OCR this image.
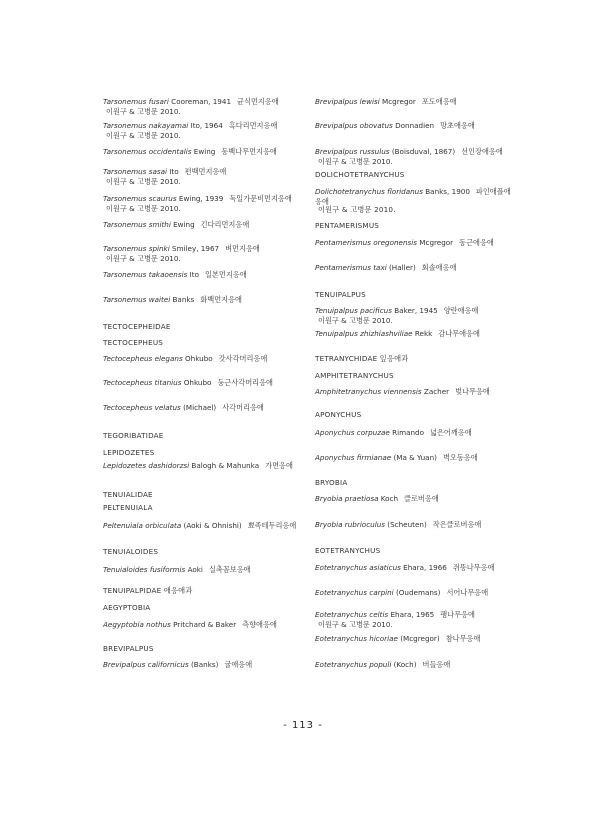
Tarsonemus fusari Cooreman, 1941 균식먼지응애
이원구 & 고병문 2010.
Tarsonemus nakayamai Ito, 1964 흑다리먼지응애
이원구 & 고병문 2010.
Tarsonemus occidentalis Ewing 동백나무먼지응애
Tarsonemus sasai Ito 편백먼지응애
이원구 & 고병문 2010.
Tarsonemus scaurus Ewing, 1939 독일가문비먼지응애
이원구 & 고병문 2010.
Tarsonemus smithi Ewing 긴다리먼지응애
Tarsonemus spinki Smiley, 1967 벼먼지응애
이원구 & 고병문 2010.
Tarsonemus takaoensis Ito 일본먼지응애
Tarsonemus waitei Banks 화백먼지응애
TECTOCEPHEIDAE
TECTOCEPHEUS
Tectocepheus elegans Ohkubo 갓사각머리응애
Tectocepheus titanius Ohkubo 둥근사각머리응애
Tectocepheus velatus (Michael) 사각머리응애
TEGORIBATIDAE
LEPIDOZETES
Lepidozetes dashidorzsi Balogh & Mahunka 가면응애
TENUIALIDAE
PELTENUIALA
Peltenuiala orbiculata (Aoki & Ohnishi) 뾰족테두리응애
TENUIALOIDES
Tenuialoides fusiformis Aoki 실촉꼼보응애
TENUIPALPIDAE 애응애과
AEGYPTOBIA
Aegyptobia nothus Pritchard & Baker 측향애응애
BREVIPALPUS
Brevipalpus californicus (Banks) 귤애응애
Brevipalpus lewisi Mcgregor 포도애응애
Brevipalpus obovatus Donnadien 망초애응애
Brevipalpus russulus (Boisduval, 1867) 선인장애응애
이원구 & 고병문 2010.
DOLICHOTETRANYCHUS
Dolichotetranychus floridanus Banks, 1900 파인애플애
응애
이원구 & 고병문 2010.
PENTAMERISMUS
Pentamerismus oregonensis Mcgregor 동근애응애
Pentamerismus taxi (Haller) 회솔애응애
TENUIPALPUS
Tenuipalpus pacificus Baker, 1945 양란애응애
이원구 & 고병문 2010.
Tenuipalpus zhizhiashviliae Rekk 감나무애응애
TETRANYCHIDAE 잎응애과
AMPHITETRANYCHUS
Amphitetranychus viennensis Zacher 벚나무응애
APONYCHUS
Aponychus corpuzae Rimando 넓은어깨응애
Aponychus firmianae (Ma & Yuan) 벽오동응애
BRYOBIA
Bryobia praetiosa Koch 클로버응애
Bryobia rubrioculus (Scheuten) 작은클로버응애
EOTETRANYCHUS
Eotetranychus asiaticus Ehara, 1966 쥐똥나무응애
Eotetranychus carpini (Oudemans) 서어나무응애
Eotetranychus celtis Ehara, 1965 팽나무응애
이원구 & 고병문 2010.
Eotetranychus hicoriae (Mcgregor) 참나무응애
Eotetranychus populi (Koch) 버들응애
- 113 -
